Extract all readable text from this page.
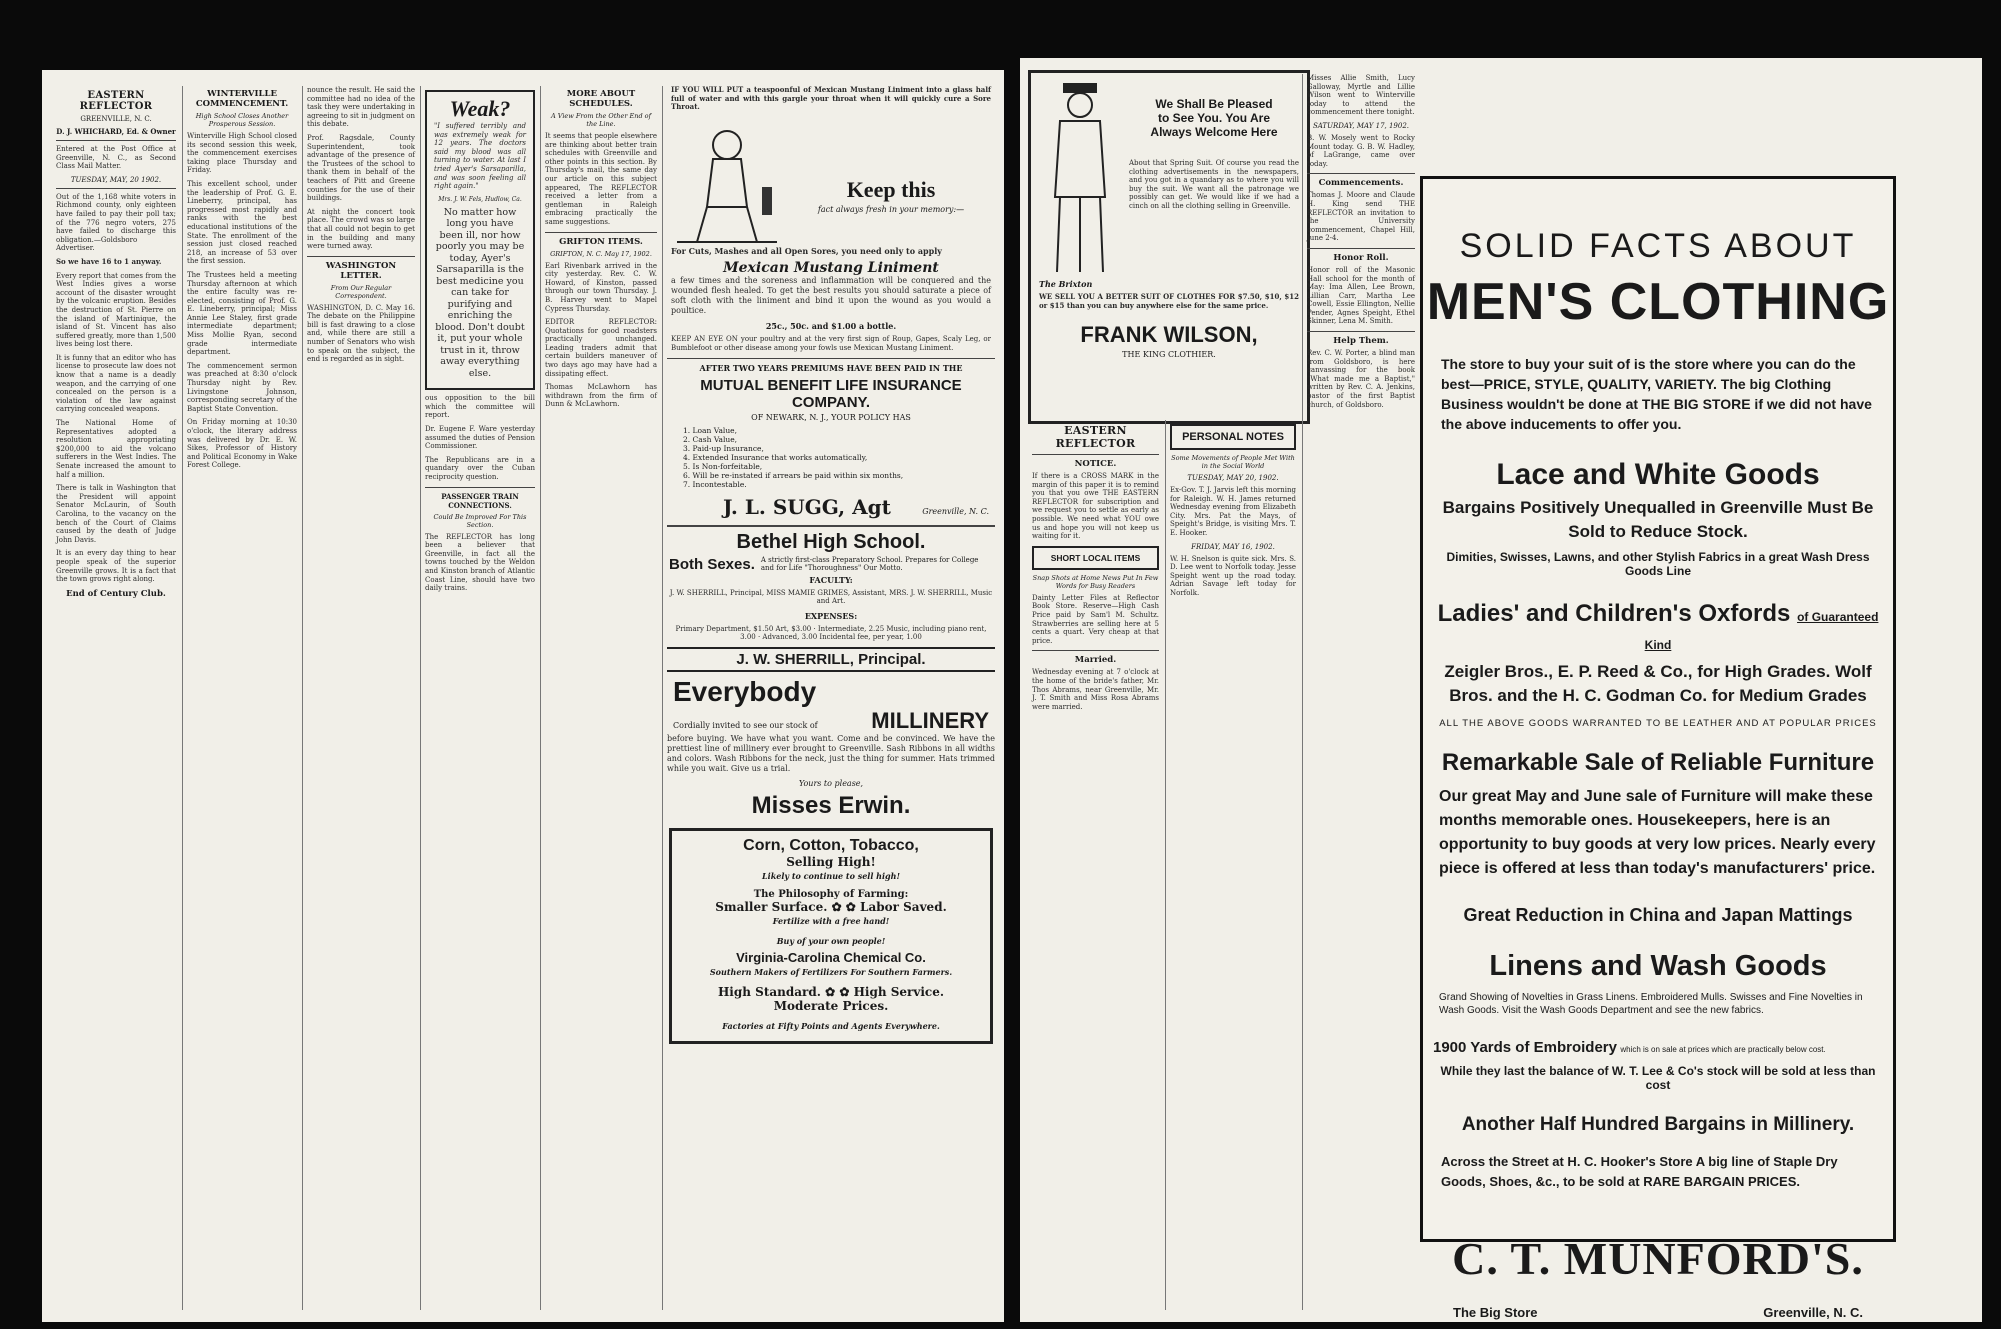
EASTERN REFLECTOR
GREENVILLE, N. C.
D. J. WHICHARD, Ed. & Owner

Entered at the Post Office at Greenville, N. C., as Second Class Mail Matter.

TUESDAY, MAY, 20 1902.

Out of the 1,168 white voters in Richmond county, only eighteen have failed to pay their poll tax; of the 776 negro voters, 275 have failed to discharge this obligation.—Goldsboro Advertiser.

So we have 16 to 1 anyway.

Every report that comes from the West Indies gives a worse account of the disaster wrought by the volcanic eruption. Besides the destruction of St. Pierre on the island of Martinique, the island of St. Vincent has also suffered greatly, more than 1,500 lives being lost there.

It is funny that an editor who has license to prosecute law does not know that a name is a deadly weapon, and the carrying of one concealed on the person is a violation of the law against carrying concealed weapons.

The National Home of Representatives adopted a resolution appropriating $200,000 to aid the volcano sufferers in the West Indies. The Senate increased the amount to half a million.

There is talk in Washington that the President will appoint Senator McLaurin, of South Carolina, to the vacancy on the bench of the Court of Claims caused by the death of Judge John Davis.

It is an every day thing to hear people speak of the superior Greenville grows. It is a fact that the town grows right along.

End of Century Club.
WINTERVILLE COMMENCEMENT.
High School Closes Another Prosperous Session.

Winterville High School closed its second session this week, the commencement exercises taking place Thursday and Friday.

This excellent school, under the leadership of Prof. G. E. Lineberry, principal, has progressed most rapidly and ranks with the best educational institutions of the State. The enrollment of the session just closed reached 218, an increase of 53 over the first session.

The Trustees held a meeting Thursday afternoon at which the entire faculty was re-elected, consisting of Prof. G. E. Lineberry, principal; Miss Annie Lee Staley, first grade intermediate department; Miss Mollie Ryan, second grade intermediate department.

The commencement sermon was preached at 8:30 o'clock Thursday night by Rev. Livingstone Johnson, corresponding secretary of the Baptist State Convention.

On Friday morning at 10:30 o'clock, the literary address was delivered by Dr. E. W. Sikes, Professor of History and Political Economy in Wake Forest College.

nounce the result. He said the committee had no idea of the task they were undertaking in agreeing to sit in judgment on this debate.

Prof. Ragsdale, County Superintendent, took advantage of the presence of the Trustees of the school to thank them in behalf of the teachers of Pitt and Greene counties for the use of their buildings.

At night the concert took place. The crowd was so large that all could not begin to get in the building and many were turned away.

WASHINGTON LETTER.
From Our Regular Correspondent.

WASHINGTON, D. C. May 16. The debate on the Philippine bill is fast drawing to a close and, while there are still a number of Senators who wish to speak on the subject, the end is regarded as in sight.

Weak?

"I suffered terribly and was extremely weak for 12 years. The doctors said my blood was all turning to water. At last I tried Ayer's Sarsaparilla, and was soon feeling all right again."

Mrs. J. W. Fels, Hudlow, Ca.

No matter how long you have been ill, nor how poorly you may be today, Ayer's Sarsaparilla is the best medicine you can take for purifying and enriching the blood. Don't doubt it, put your whole trust in it, throw away everything else.

ous opposition to the bill which the committee will report.

Dr. Eugene F. Ware yesterday assumed the duties of Pension Commissioner.

The Republicans are in a quandary over the Cuban reciprocity question.

PASSENGER TRAIN CONNECTIONS.
Could Be Improved For This Section.

The REFLECTOR has long been a believer that Greenville, in fact all the towns touched by the Weldon and Kinston branch of Atlantic Coast Line, should have two daily trains.

MORE ABOUT SCHEDULES.
A View From the Other End of the Line.

It seems that people elsewhere are thinking about better train schedules with Greenville and other points in this section. By Thursday's mail, the same day our article on this subject appeared, The REFLECTOR received a letter from a gentleman in Raleigh embracing practically the same suggestions.

GRIFTON ITEMS.
GRIFTON, N. C. May 17, 1902.

Earl Rivenbark arrived in the city yesterday. Rev. C. W. Howard, of Kinston, passed through our town Thursday. J. B. Harvey went to Mapel Cypress Thursday.

EDITOR REFLECTOR: Quotations for good roadsters practically unchanged. Leading traders admit that certain builders maneuver of two days ago may have had a dissipating effect.

Thomas McLawhorn has withdrawn from the firm of Dunn & McLawhorn.

IF YOU WILL PUT a teaspoonful of Mexican Mustang Liniment into a glass half full of water and with this gargle your throat when it will quickly cure a Sore Throat.

Keep this
fact always fresh in your memory:—

For Cuts, Mashes and all Open Sores, you need only to apply

Mexican Mustang Liniment

a few times and the soreness and inflammation will be conquered and the wounded flesh healed. To get the best results you should saturate a piece of soft cloth with the liniment and bind it upon the wound as you would a poultice.

25c., 50c. and $1.00 a bottle.

KEEP AN EYE ON your poultry and at the very first sign of Roup, Gapes, Scaly Leg, or Bumblefoot or other disease among your fowls use Mexican Mustang Liniment.

AFTER TWO YEARS PREMIUMS HAVE BEEN PAID IN THE
MUTUAL BENEFIT LIFE INSURANCE COMPANY.
OF NEWARK, N. J., YOUR POLICY HAS
1. Loan Value,
2. Cash Value,
3. Paid-up Insurance,
4. Extended Insurance that works automatically,
5. Is Non-forfeitable,
6. Will be re-instated if arrears be paid within six months,
7. Incontestable.
J. L. SUGG, Agt	Greenville, N. C.
Bethel High School.
Both Sexes. A strictly first-class Preparatory School. Prepares for College and for Life "Thoroughness" Our Motto.
FACULTY:

J. W. SHERRILL, Principal, MISS MAMIE GRIMES, Assistant, MRS. J. W. SHERRILL, Music and Art.

EXPENSES:

Primary Department, $1.50 Art, $3.00 · Intermediate, 2.25 Music, including piano rent, 3.00 · Advanced, 3.00 Incidental fee, per year, 1.00

J. W. SHERRILL, Principal.
Everybody
Cordially invited to see our stock of MILLINERY

before buying. We have what you want. Come and be convinced. We have the prettiest line of millinery ever brought to Greenville. Sash Ribbons in all widths and colors. Wash Ribbons for the neck, just the thing for summer. Hats trimmed while you wait. Give us a trial.

Yours to please,
Misses Erwin.
Corn, Cotton, Tobacco,
Selling High!
Likely to continue to sell high!
The Philosophy of Farming:
Smaller Surface. ✿ ✿ Labor Saved.
Fertilize with a free hand!
Buy of your own people!
Virginia-Carolina Chemical Co.
Southern Makers of Fertilizers For Southern Farmers.
High Standard. ✿ ✿ High Service.
Moderate Prices.
Factories at Fifty Points and Agents Everywhere.
We Shall Be Pleased
to See You. You Are
Always Welcome Here

About that Spring Suit. Of course you read the clothing advertisements in the newspapers, and you got in a quandary as to where you will buy the suit. We want all the patronage we possibly can get. We would like if we had a cinch on all the clothing selling in Greenville.

The Brixton

WE SELL YOU A BETTER SUIT OF CLOTHES FOR $7.50, $10, $12 or $15 than you can buy anywhere else for the same price.

FRANK WILSON,
THE KING CLOTHIER.
EASTERN REFLECTOR
NOTICE.

If there is a CROSS MARK in the margin of this paper it is to remind you that you owe THE EASTERN REFLECTOR for subscription and we request you to settle as early as possible. We need what YOU owe us and hope you will not keep us waiting for it.

SHORT LOCAL ITEMS
Snap Shots at Home News Put In Few Words for Busy Readers

Dainty Letter Files at Reflector Book Store. Reserve—High Cash Price paid by Sam'l M. Schultz. Strawberries are selling here at 5 cents a quart. Very cheap at that price.

Married.

Wednesday evening at 7 o'clock at the home of the bride's father, Mr. Thos Abrams, near Greenville, Mr. J. T. Smith and Miss Rosa Abrams were married.

PERSONAL NOTES
Some Movements of People Met With in the Social World
TUESDAY, MAY 20, 1902.

Ex-Gov. T. J. Jarvis left this morning for Raleigh. W. H. James returned Wednesday evening from Elizabeth City. Mrs. Pat the Mays, of Speight's Bridge, is visiting Mrs. T. E. Hooker.

FRIDAY, MAY 16, 1902.

W. H. Snelson is quite sick. Mrs. S. D. Lee went to Norfolk today. Jesse Speight went up the road today. Adrian Savage left today for Norfolk.

Misses Allie Smith, Lucy Galloway, Myrtle and Lillie Wilson went to Winterville today to attend the commencement there tonight.

SATURDAY, MAY 17, 1902.

B. W. Mosely went to Rocky Mount today. G. B. W. Hadley, of LaGrange, came over today.

Commencements.

Thomas J. Moore and Claude H. King send THE REFLECTOR an invitation to the University commencement, Chapel Hill, June 2-4.

Honor Roll.

Honor roll of the Masonic Hall school for the month of May: Ima Allen, Lee Brown, Lillian Carr, Martha Lee Cowell, Essie Ellington, Nellie Pender, Agnes Speight, Ethel Skinner, Lena M. Smith.

Help Them.

Rev. C. W. Porter, a blind man from Goldsboro, is here canvassing for the book "What made me a Baptist," written by Rev. C. A. Jenkins, pastor of the first Baptist church, of Goldsboro.

SOLID FACTS ABOUT
MEN'S CLOTHING
The store to buy your suit of is the store where you can do the best—PRICE, STYLE, QUALITY, VARIETY. The big Clothing Business wouldn't be done at THE BIG STORE if we did not have the above inducements to offer you.
Lace and White Goods
Bargains Positively Unequalled in Greenville Must Be Sold to Reduce Stock.
Dimities, Swisses, Lawns, and other Stylish Fabrics in a great Wash Dress Goods Line
Ladies' and Children's Oxfords of Guaranteed Kind
Zeigler Bros., E. P. Reed & Co., for High Grades. Wolf Bros. and the H. C. Godman Co. for Medium Grades
ALL THE ABOVE GOODS WARRANTED TO BE LEATHER AND AT POPULAR PRICES
Remarkable Sale of Reliable Furniture
Our great May and June sale of Furniture will make these months memorable ones. Housekeepers, here is an opportunity to buy goods at very low prices. Nearly every piece is offered at less than today's manufacturers' price.
Great Reduction in China and Japan Mattings
Linens and Wash Goods
Grand Showing of Novelties in Grass Linens. Embroidered Mulls. Swisses and Fine Novelties in Wash Goods. Visit the Wash Goods Department and see the new fabrics.
1900 Yards of Embroidery which is on sale at prices which are practically below cost.
While they last the balance of W. T. Lee & Co's stock will be sold at less than cost
Another Half Hundred Bargains in Millinery.
Across the Street at H. C. Hooker's Store A big line of Staple Dry Goods, Shoes, &c., to be sold at RARE BARGAIN PRICES.
C. T. MUNFORD'S.
The Big Store	Greenville, N. C.
